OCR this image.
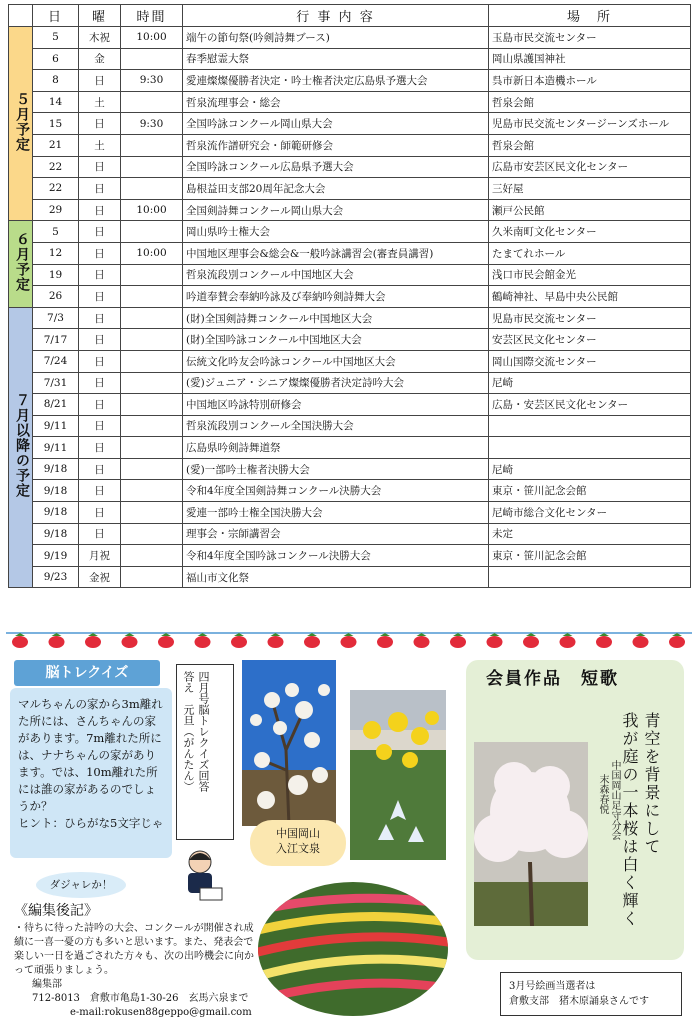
	日	曜	時間	行 事 内 容	場　所
５月予定	5	木祝	10:00	端午の節句祭(吟剣詩舞ブース)	玉島市民交流センター
	6	金		春季慰霊大祭	岡山県護国神社
	8	日	9:30	愛連燦燦優勝者決定・吟士権者決定広島県予選大会	呉市新日本造機ホール
	14	土		哲泉流理事会・総会	哲泉会館
	15	日	9:30	全国吟詠コンクール岡山県大会	児島市民交流センタージーンズホール
	21	土		哲泉流作譜研究会・師範研修会	哲泉会館
	22	日		全国吟詠コンクール広島県予選大会	広島市安芸区民文化センター
	22	日		島根益田支部20周年記念大会	三好屋
	29	日	10:00	全国剣詩舞コンクール岡山県大会	瀬戸公民館
６月予定	5	日		岡山県吟士権大会	久米南町文化センター
	12	日	10:00	中国地区理事会&総会&一般吟詠講習会(審査員講習)	たまてれホール
	19	日		哲泉流段別コンクール中国地区大会	浅口市民会館金光
	26	日		吟道奉賛会奉納吟詠及び奉納吟剣詩舞大会	鶴崎神社、早島中央公民館
７月以降の予定	7/3	日		(財)全国剣詩舞コンクール中国地区大会	児島市民交流センター
	7/17	日		(財)全国吟詠コンクール中国地区大会	安芸区民文化センター
	7/24	日		伝統文化吟友会吟詠コンクール中国地区大会	岡山国際交流センター
	7/31	日		(愛)ジュニア・シニア燦燦優勝者決定詩吟大会	尼崎
	8/21	日		中国地区吟詠特別研修会	広島・安芸区民文化センター
	9/11	日		哲泉流段別コンクール全国決勝大会	
	9/11	日		広島県吟剣詩舞道祭	
	9/18	日		(愛)一部吟士権者決勝大会	尼崎
	9/18	日		令和4年度全国剣詩舞コンクール決勝大会	東京・笹川記念会館
	9/18	日		愛連一部吟士権全国決勝大会	尼崎市総合文化センター
	9/18	日		理事会・宗師講習会	未定
	9/19	月祝		令和4年度全国吟詠コンクール決勝大会	東京・笹川記念会館
	9/23	金祝		福山市文化祭	
脳トレクイズ
マルちゃんの家から3m離れた所には、さんちゃんの家があります。7m離れた所には、ナナちゃんの家があります。では、10m離れた所には誰の家があるのでしょうか？
ヒント：ひらがな5文字じゃ
四月号脳トレクイズ回答
答え　元旦（がんたん）
中国岡山
入江文泉
ダジャレか！
《編集後記》
・待ちに待った詩吟の大会、コンクールが開催され成績に一喜一憂の方も多いと思います。また、発表会で楽しい一日を過ごされた方々も、次の出吟機会に向かって頑張りましょう。
編集部
712-8013　倉敷市亀島1-30-26　玄馬六泉まで
e-mail:rokusen88geppo@gmail.com
会員作品　短歌
青空を背景にして
我が庭の一本桜は白く輝く
中国岡山足守分会
末森春悦
3月号絵画当選者は
倉敷支部　猪木原誦泉さんです
